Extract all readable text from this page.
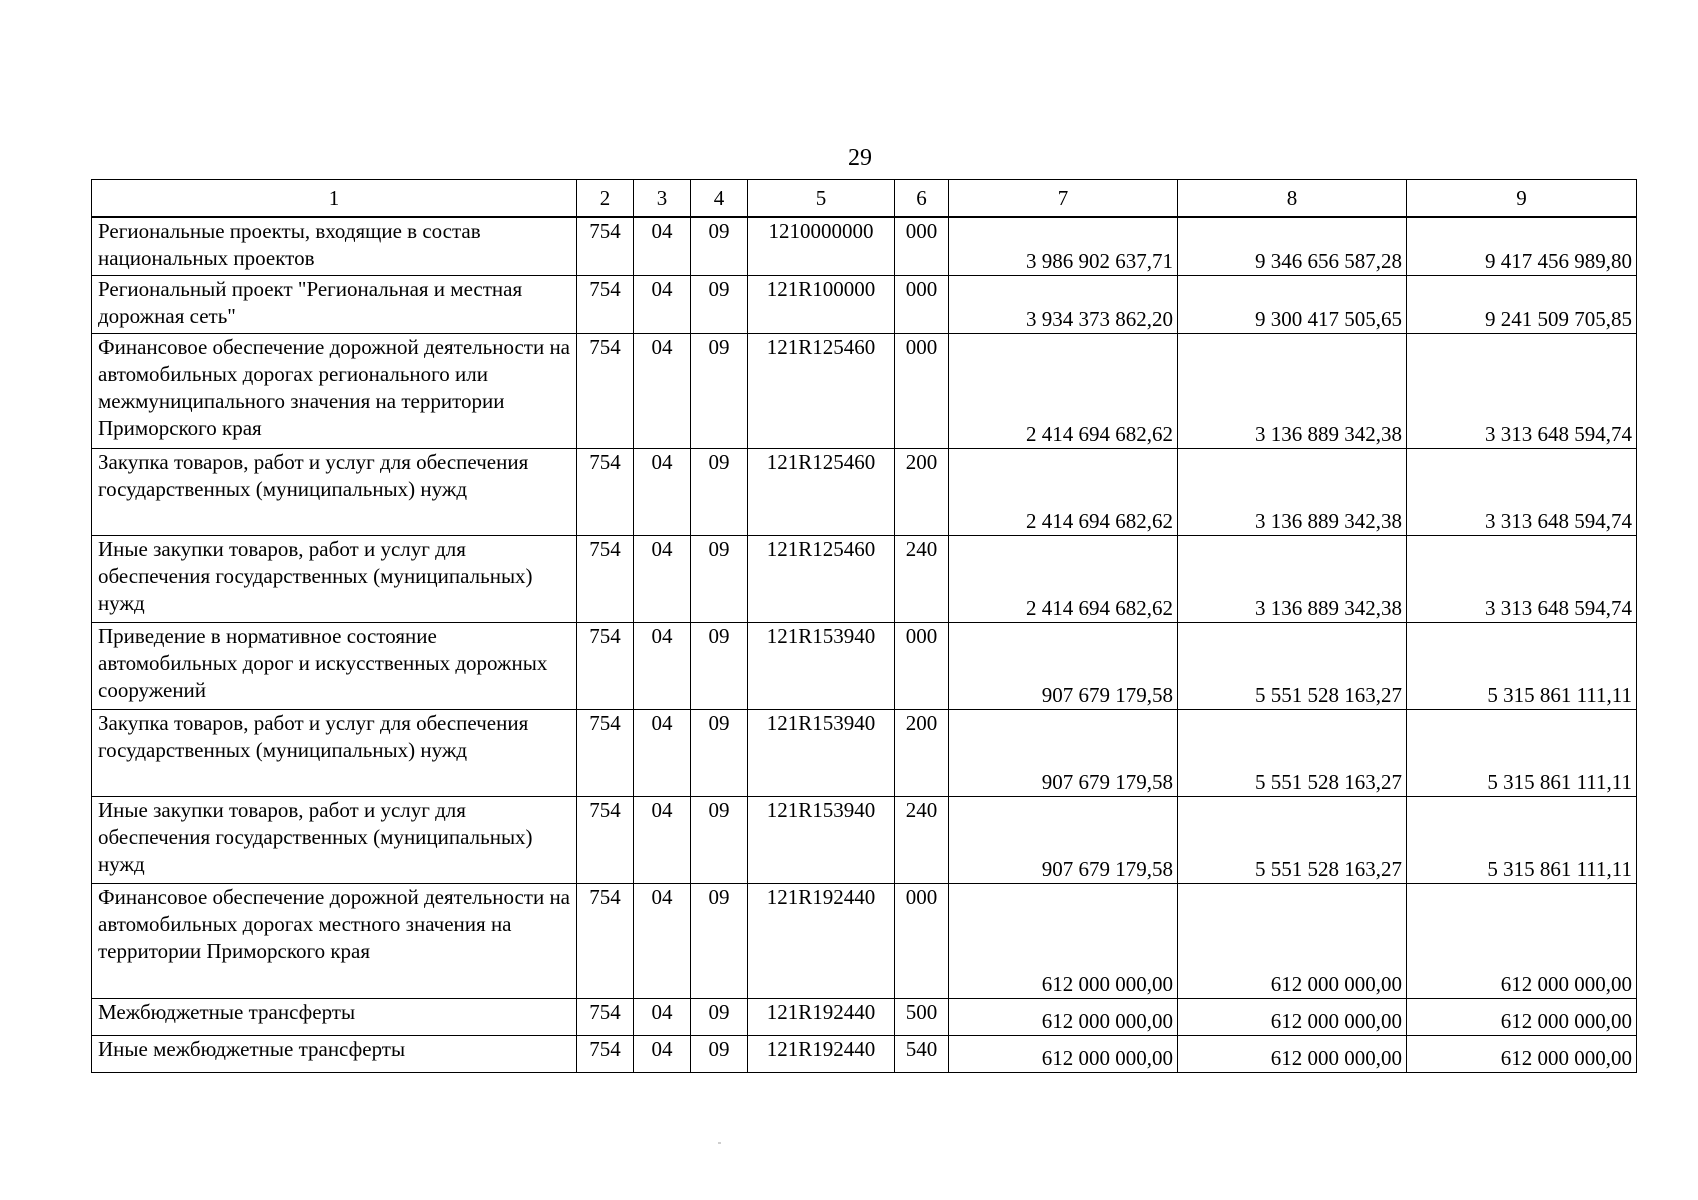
29
1	2	3	4	5	6	7	8	9
Региональные проекты, входящие в состав национальных проектов	754	04	09	1210000000	000	3 986 902 637,71	9 346 656 587,28	9 417 456 989,80
Региональный проект "Региональная и местная дорожная сеть"	754	04	09	121R100000	000	3 934 373 862,20	9 300 417 505,65	9 241 509 705,85
Финансовое обеспечение дорожной деятельности на автомобильных дорогах регионального или межмуниципального значения на территории Приморского края	754	04	09	121R125460	000	2 414 694 682,62	3 136 889 342,38	3 313 648 594,74
Закупка товаров, работ и услуг для обеспечения государственных (муниципальных) нужд	754	04	09	121R125460	200	2 414 694 682,62	3 136 889 342,38	3 313 648 594,74
Иные закупки товаров, работ и услуг для обеспечения государственных (муниципальных) нужд	754	04	09	121R125460	240	2 414 694 682,62	3 136 889 342,38	3 313 648 594,74
Приведение в нормативное состояние автомобильных дорог и искусственных дорожных сооружений	754	04	09	121R153940	000	907 679 179,58	5 551 528 163,27	5 315 861 111,11
Закупка товаров, работ и услуг для обеспечения государственных (муниципальных) нужд	754	04	09	121R153940	200	907 679 179,58	5 551 528 163,27	5 315 861 111,11
Иные закупки товаров, работ и услуг для обеспечения государственных (муниципальных) нужд	754	04	09	121R153940	240	907 679 179,58	5 551 528 163,27	5 315 861 111,11
Финансовое обеспечение дорожной деятельности на автомобильных дорогах местного значения на территории Приморского края	754	04	09	121R192440	000	612 000 000,00	612 000 000,00	612 000 000,00
Межбюджетные трансферты	754	04	09	121R192440	500	612 000 000,00	612 000 000,00	612 000 000,00
Иные межбюджетные трансферты	754	04	09	121R192440	540	612 000 000,00	612 000 000,00	612 000 000,00
